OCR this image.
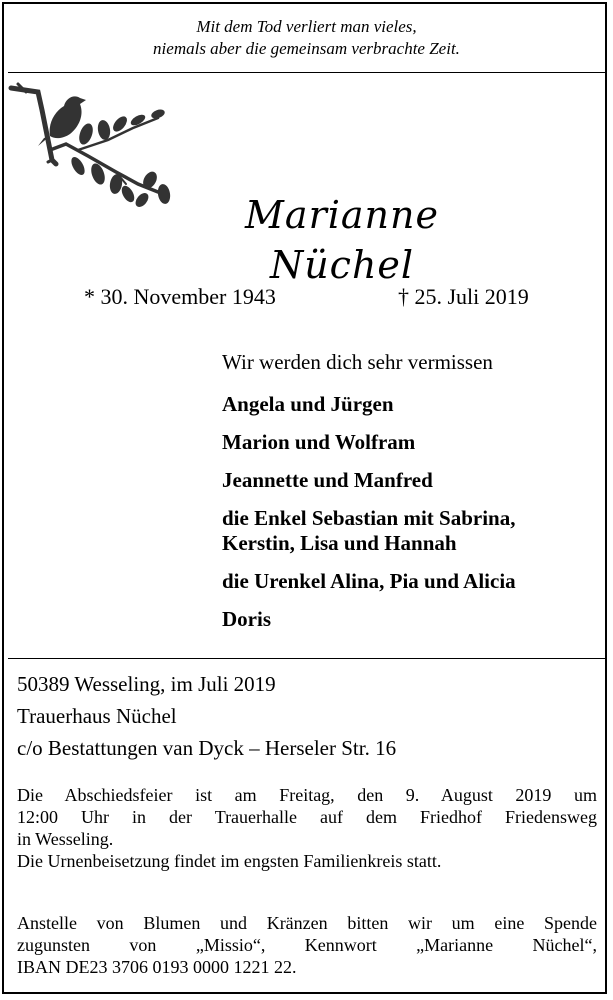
Mit dem Tod verliert man vieles,
niemals aber die gemeinsam verbrachte Zeit.
Marianne Nüchel
* 30. November 1943	† 25. Juli 2019
Wir werden dich sehr vermissen
Angela und Jürgen
Marion und Wolfram
Jeannette und Manfred
die Enkel Sebastian mit Sabrina, Kerstin, Lisa und Hannah
die Urenkel Alina, Pia und Alicia
Doris
50389 Wesseling, im Juli 2019
Trauerhaus Nüchel
c/o Bestattungen van Dyck – Herseler Str. 16
Die Abschiedsfeier ist am Freitag, den 9. August 2019 um
12:00 Uhr in der Trauerhalle auf dem Friedhof Friedensweg
in Wesseling.
Die Urnenbeisetzung findet im engsten Familienkreis statt.
Anstelle von Blumen und Kränzen bitten wir um eine Spende
zugunsten von „Missio“, Kennwort „Marianne Nüchel“,
IBAN DE23 3706 0193 0000 1221 22.
